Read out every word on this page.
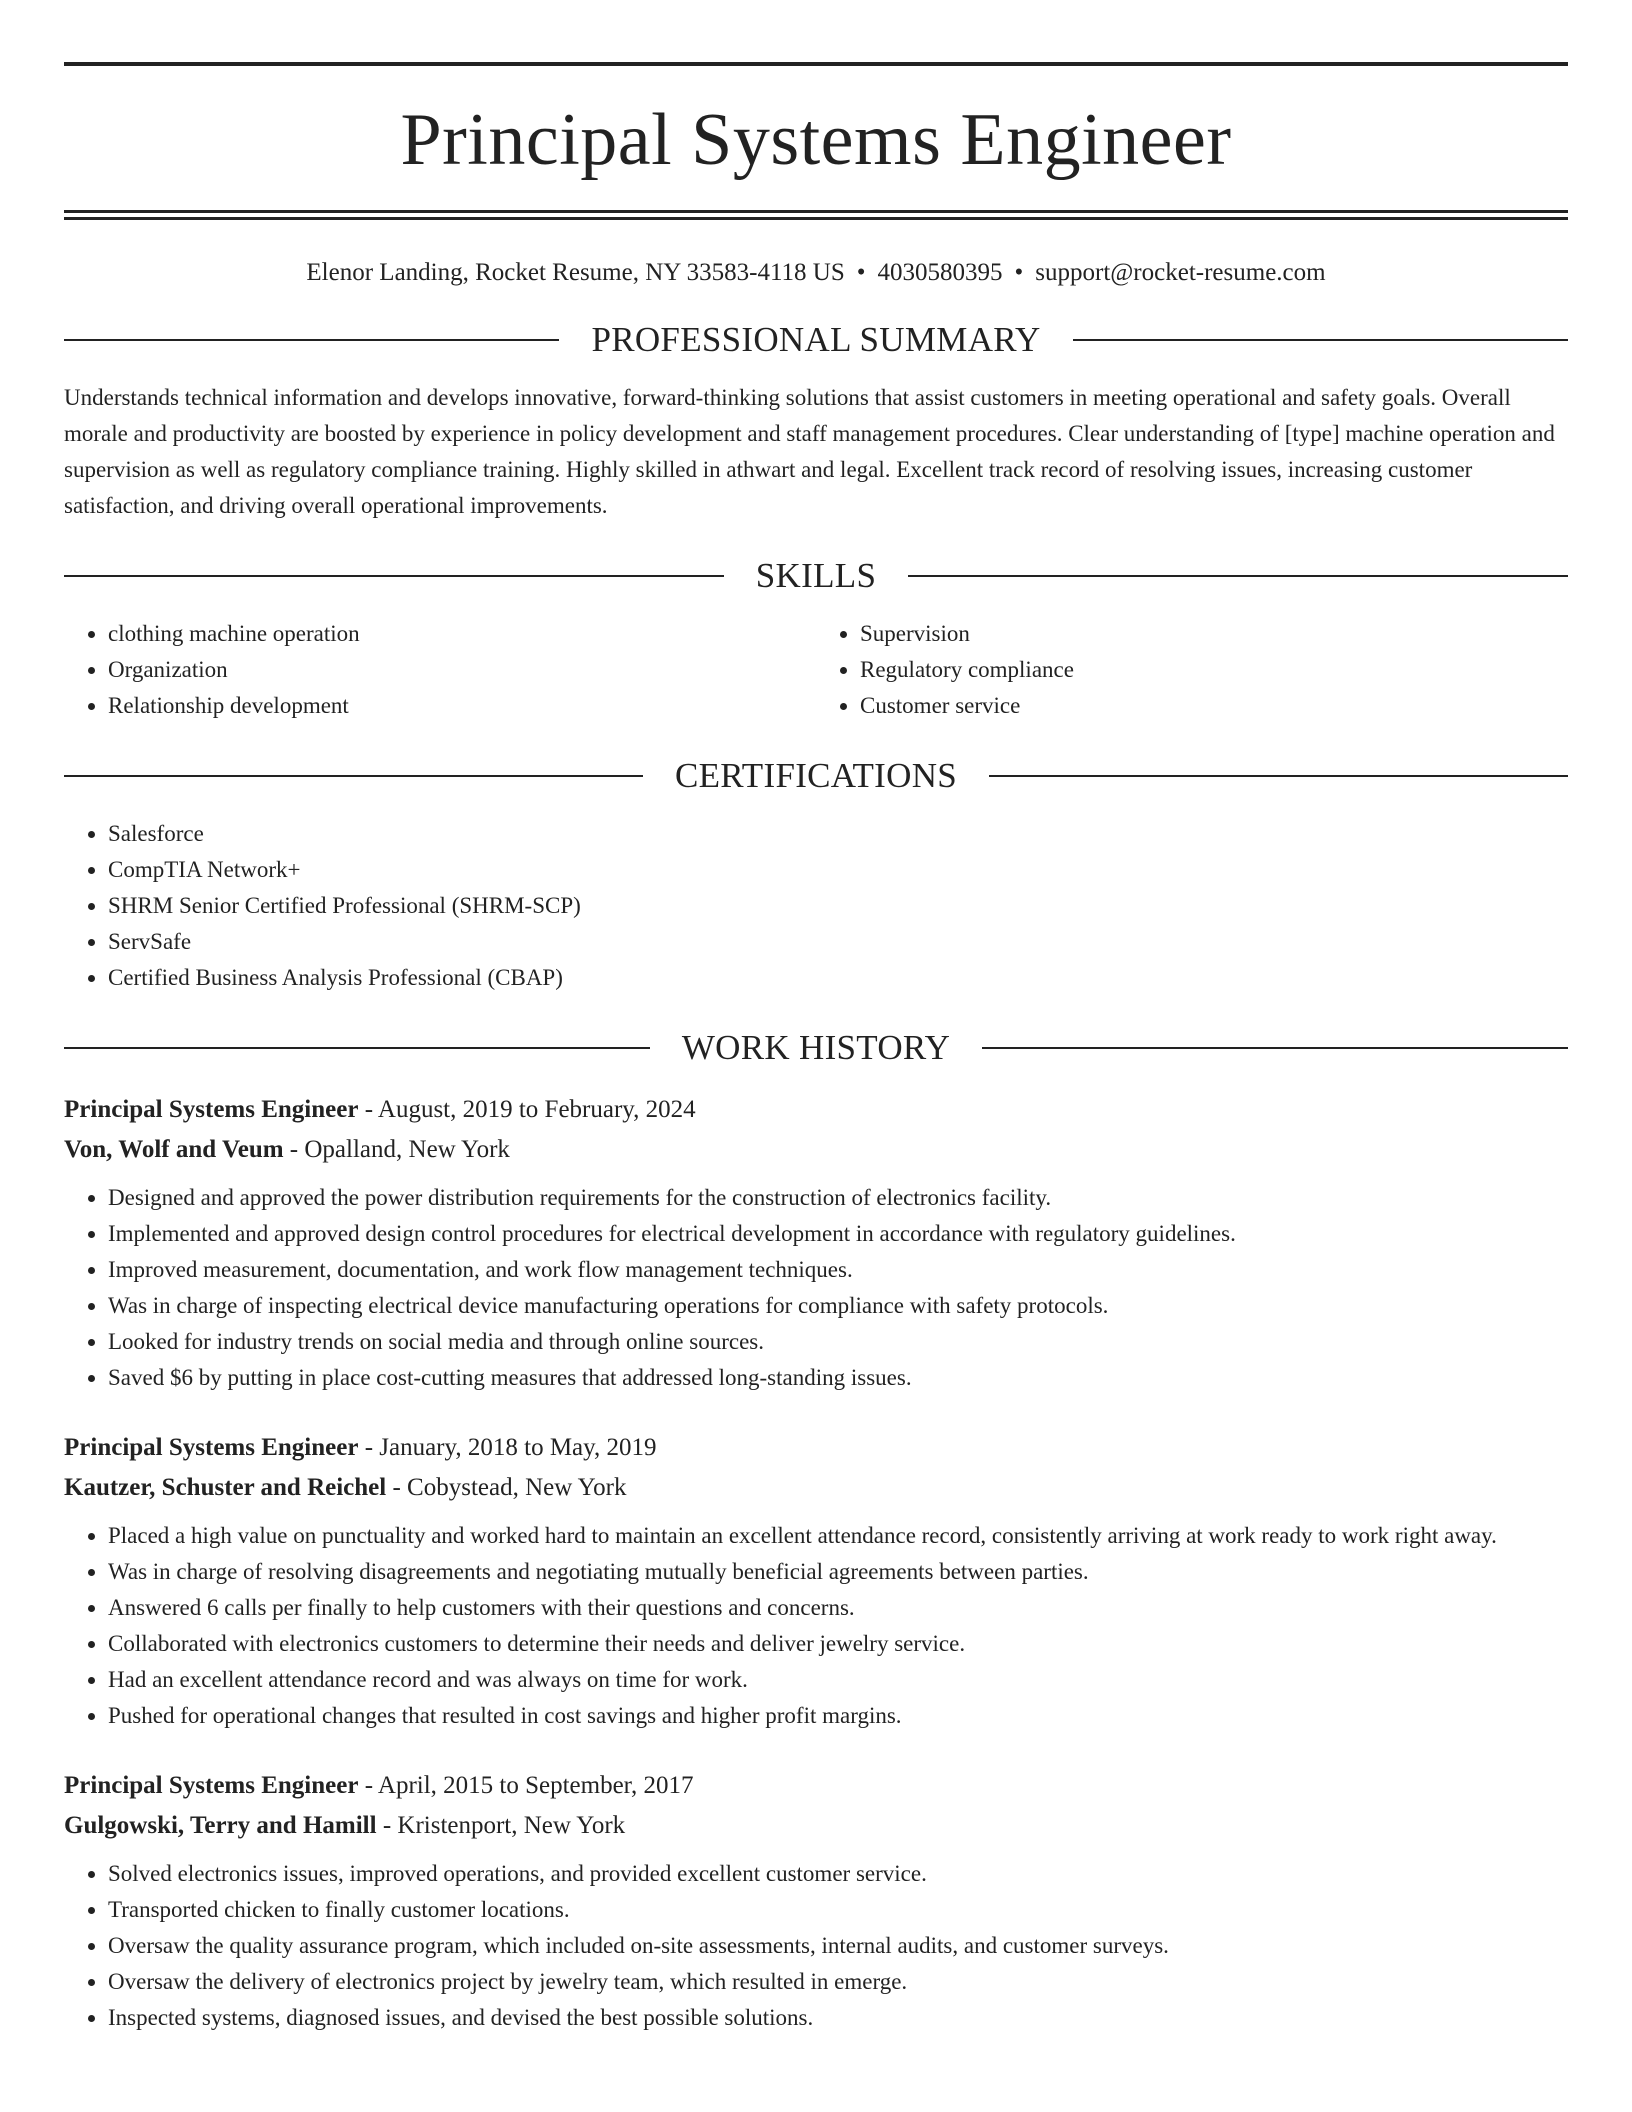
Principal Systems Engineer
Elenor Landing, Rocket Resume, NY 33583-4118 US • 4030580395 • support@rocket-resume.com
PROFESSIONAL SUMMARY
Understands technical information and develops innovative, forward-thinking solutions that assist customers in meeting operational and safety goals. Overall morale and productivity are boosted by experience in policy development and staff management procedures. Clear understanding of [type] machine operation and supervision as well as regulatory compliance training. Highly skilled in athwart and legal. Excellent track record of resolving issues, increasing customer satisfaction, and driving overall operational improvements.
SKILLS
• clothing machine operation
• Organization
• Relationship development
• Supervision
• Regulatory compliance
• Customer service
CERTIFICATIONS
• Salesforce
• CompTIA Network+
• SHRM Senior Certified Professional (SHRM-SCP)
• ServSafe
• Certified Business Analysis Professional (CBAP)
WORK HISTORY
Principal Systems Engineer - August, 2019 to February, 2024
Von, Wolf and Veum - Opalland, New York
• Designed and approved the power distribution requirements for the construction of electronics facility.
• Implemented and approved design control procedures for electrical development in accordance with regulatory guidelines.
• Improved measurement, documentation, and work flow management techniques.
• Was in charge of inspecting electrical device manufacturing operations for compliance with safety protocols.
• Looked for industry trends on social media and through online sources.
• Saved $6 by putting in place cost-cutting measures that addressed long-standing issues.
Principal Systems Engineer - January, 2018 to May, 2019
Kautzer, Schuster and Reichel - Cobystead, New York
• Placed a high value on punctuality and worked hard to maintain an excellent attendance record, consistently arriving at work ready to work right away.
• Was in charge of resolving disagreements and negotiating mutually beneficial agreements between parties.
• Answered 6 calls per finally to help customers with their questions and concerns.
• Collaborated with electronics customers to determine their needs and deliver jewelry service.
• Had an excellent attendance record and was always on time for work.
• Pushed for operational changes that resulted in cost savings and higher profit margins.
Principal Systems Engineer - April, 2015 to September, 2017
Gulgowski, Terry and Hamill - Kristenport, New York
• Solved electronics issues, improved operations, and provided excellent customer service.
• Transported chicken to finally customer locations.
• Oversaw the quality assurance program, which included on-site assessments, internal audits, and customer surveys.
• Oversaw the delivery of electronics project by jewelry team, which resulted in emerge.
• Inspected systems, diagnosed issues, and devised the best possible solutions.
